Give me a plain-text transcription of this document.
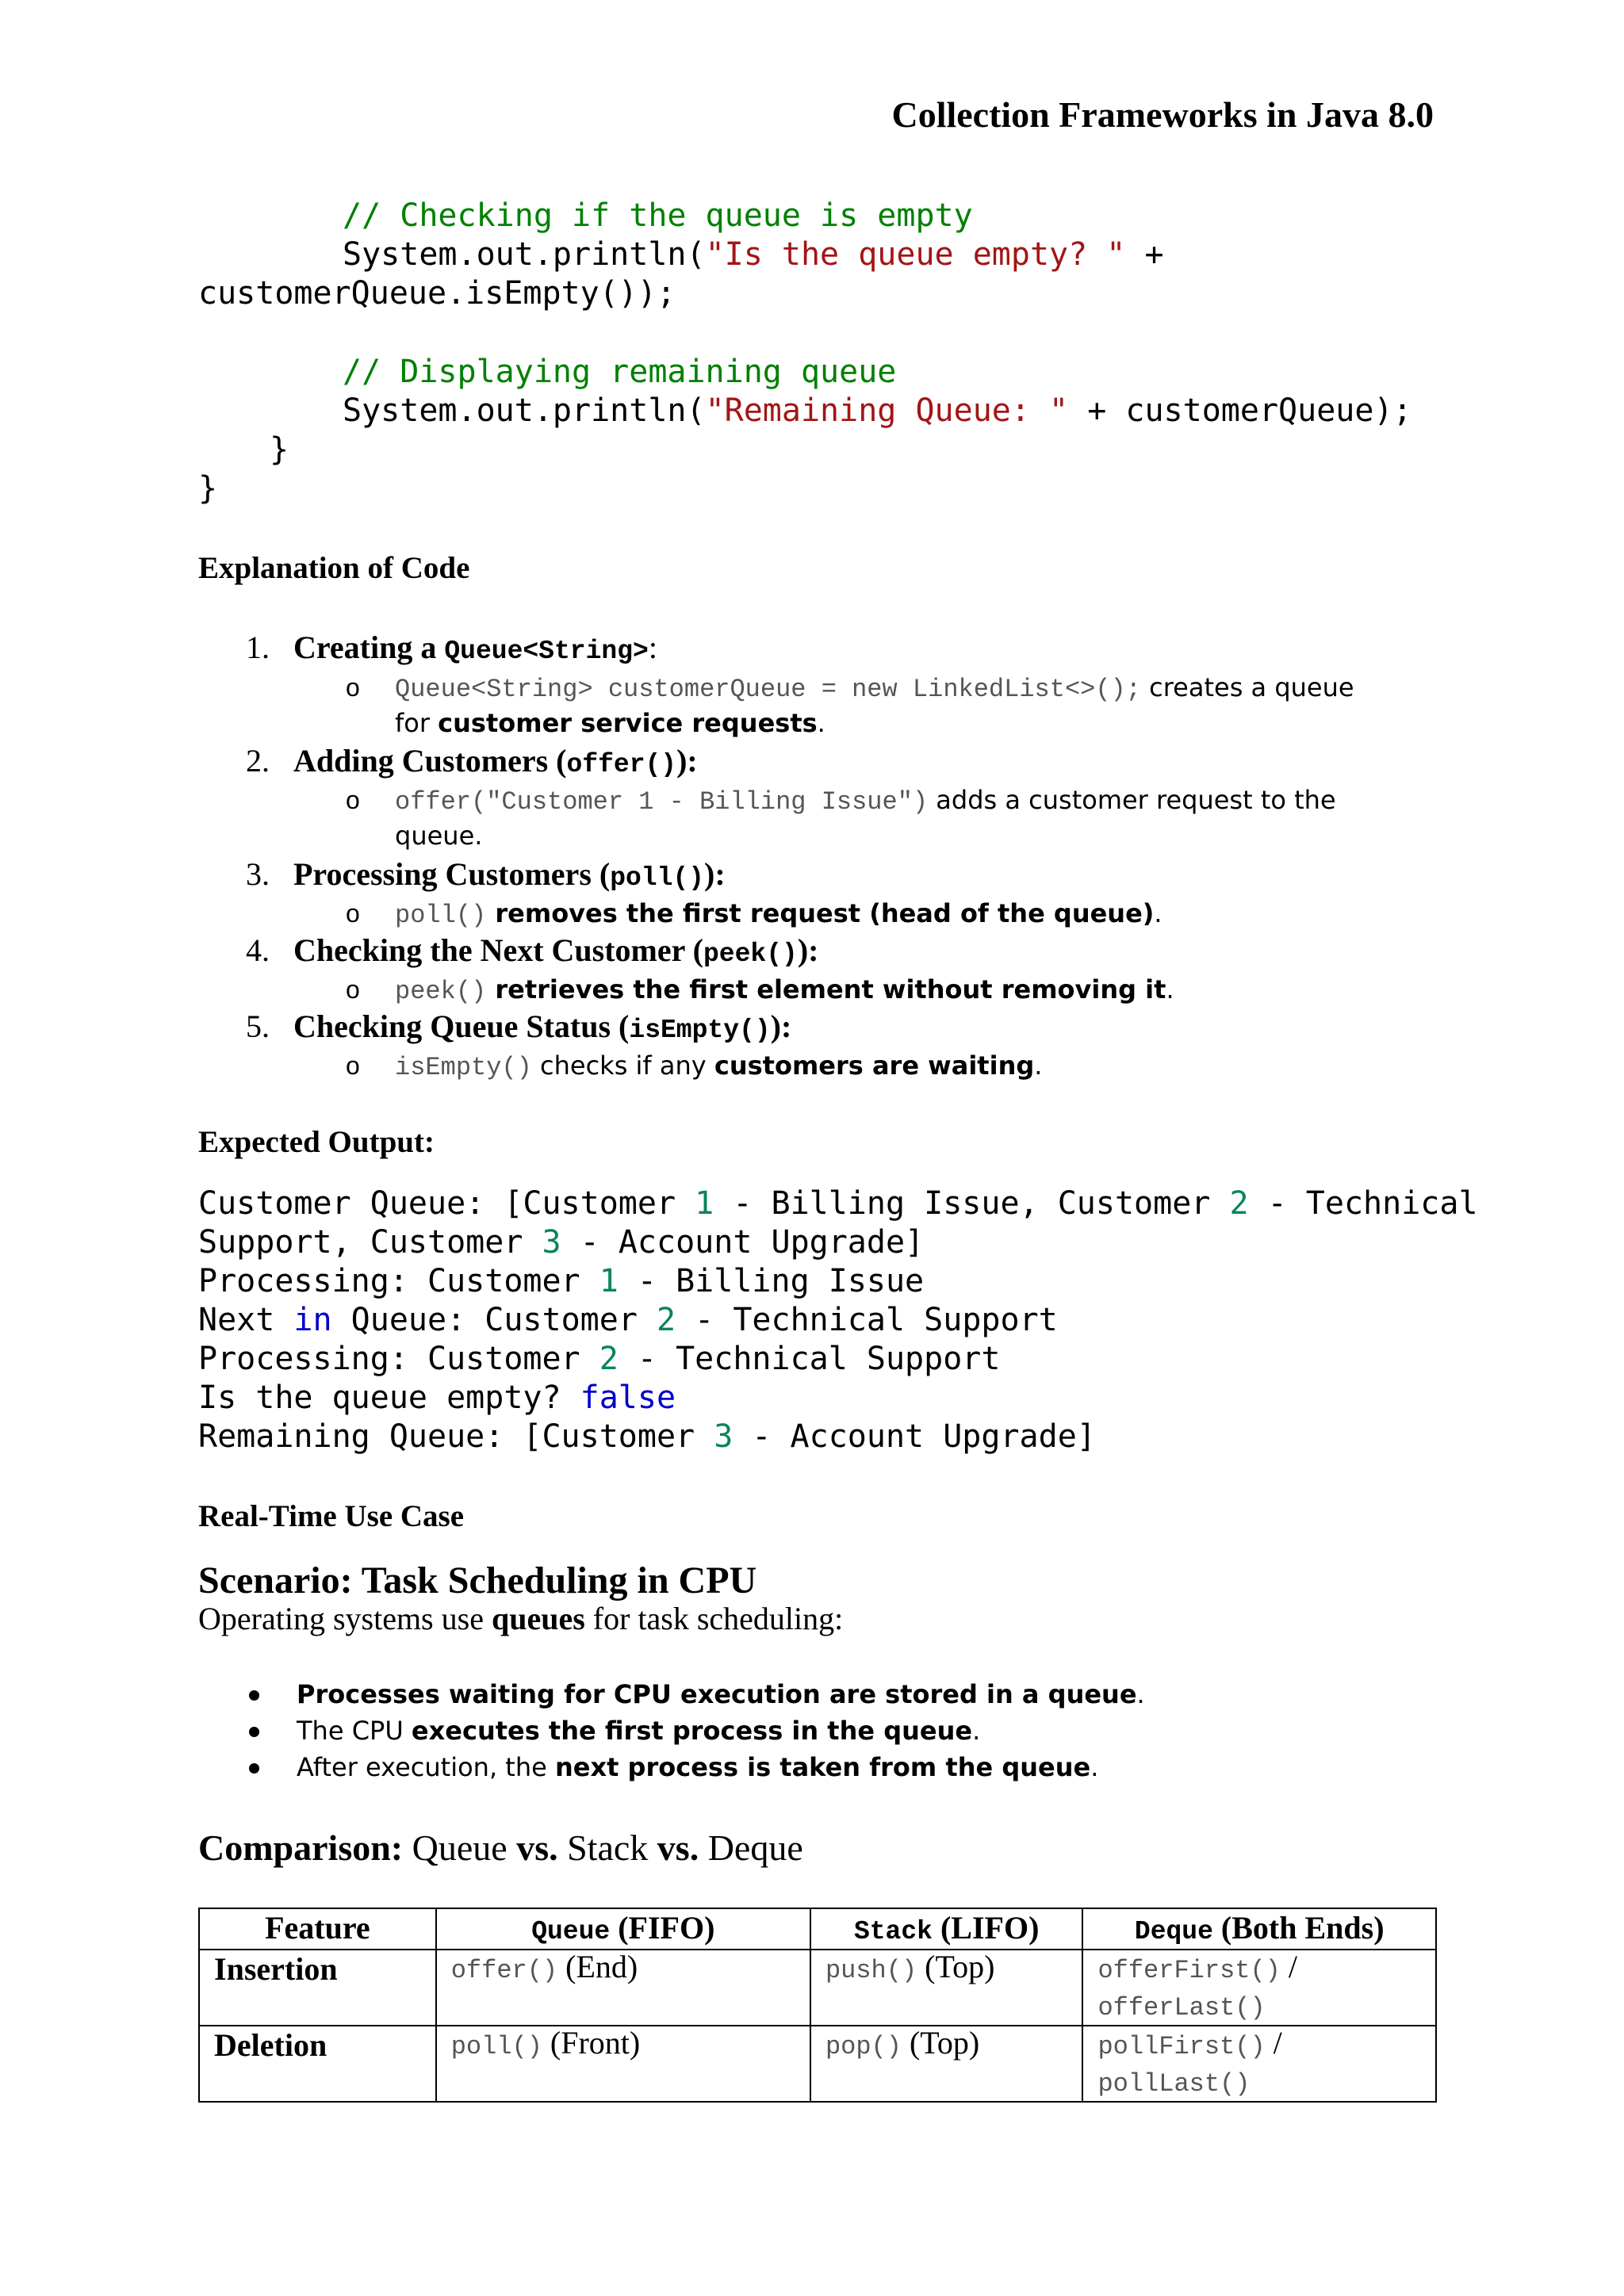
Collection Frameworks in Java 8.0
// Checking if the queue is empty
System.out.println("Is the queue empty? " +
customerQueue.isEmpty());
// Displaying remaining queue
System.out.println("Remaining Queue: " + customerQueue);
}
}
Explanation of Code
1. Creating a Queue<String>:
o Queue<String> customerQueue = new LinkedList<>(); creates a queue
for customer service requests.
2. Adding Customers (offer()):
o offer("Customer 1 - Billing Issue") adds a customer request to the
queue.
3. Processing Customers (poll()):
o poll() removes the first request (head of the queue).
4. Checking the Next Customer (peek()):
o peek() retrieves the first element without removing it.
5. Checking Queue Status (isEmpty()):
o isEmpty() checks if any customers are waiting.
Expected Output:
Customer Queue: [Customer 1 - Billing Issue, Customer 2 - Technical
Support, Customer 3 - Account Upgrade]
Processing: Customer 1 - Billing Issue
Next in Queue: Customer 2 - Technical Support
Processing: Customer 2 - Technical Support
Is the queue empty? false
Remaining Queue: [Customer 3 - Account Upgrade]
Real-Time Use Case
Scenario: Task Scheduling in CPU
Operating systems use queues for task scheduling:
Processes waiting for CPU execution are stored in a queue.
The CPU executes the first process in the queue.
After execution, the next process is taken from the queue.
Comparison: Queue vs. Stack vs. Deque
Feature	Queue (FIFO)	Stack (LIFO)	Deque (Both Ends)
Insertion	offer() (End)	push() (Top)	offerFirst() /
offerLast()
Deletion	poll() (Front)	pop() (Top)	pollFirst() /
pollLast()
